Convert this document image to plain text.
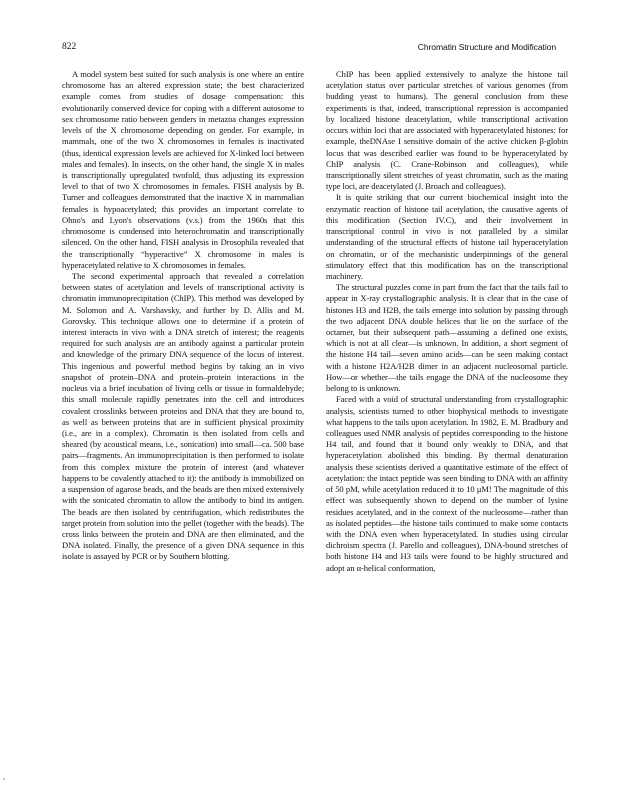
822	Chromatin Structure and Modification

A model system best suited for such analysis is one where an entire chromosome has an altered expression state; the best characterized example comes from studies of dosage compensation: this evolutionarily conserved device for coping with a different autosome to sex chromosome ratio between genders in metazoa changes expression levels of the X chromosome depending on gender. For example, in mammals, one of the two X chromosomes in females is inactivated (thus, identical expression levels are achieved for X-linked loci between males and females). In insects, on the other hand, the single X in males is transcriptionally upregulated twofold, thus adjusting its expression level to that of two X chromosomes in females. FISH analysis by B. Turner and colleagues demonstrated that the inactive X in mammalian females is hypoacetylated; this provides an important correlate to Ohno's and Lyon's observations (v.s.) from the 1960s that this chromosome is condensed into heterochromatin and transcriptionally silenced. On the other hand, FISH analysis in Drosophila revealed that the transcriptionally “hyperactive” X chromosome in males is hyperacetylated relative to X chromosomes in females.

The second experimental approach that revealed a correlation between states of acetylation and levels of transcriptional activity is chromatin immunoprecipitation (ChIP). This method was developed by M. Solomon and A. Varshavsky, and further by D. Allis and M. Gorovsky. This technique allows one to determine if a protein of interest interacts in vivo with a DNA stretch of interest; the reagents required for such analysis are an antibody against a particular protein and knowledge of the primary DNA sequence of the locus of interest. This ingenious and powerful method begins by taking an in vivo snapshot of protein–DNA and protein–protein interactions in the nucleus via a brief incubation of living cells or tissue in formaldehyde; this small molecule rapidly penetrates into the cell and introduces covalent crosslinks between proteins and DNA that they are bound to, as well as between proteins that are in sufficient physical proximity (i.e., are in a complex). Chromatin is then isolated from cells and sheared (by acoustical means, i.e., sonication) into small—ca. 500 base pairs—fragments. An immunoprecipitation is then performed to isolate from this complex mixture the protein of interest (and whatever happens to be covalently attached to it): the antibody is immobilized on a suspension of agarose beads, and the beads are then mixed extensively with the sonicated chromatin to allow the antibody to bind its antigen. The beads are then isolated by centrifugation, which redistributes the target protein from solution into the pellet (together with the beads). The cross links between the protein and DNA are then eliminated, and the DNA isolated. Finally, the presence of a given DNA sequence in this isolate is assayed by PCR or by Southern blotting.

ChIP has been applied extensively to analyze the histone tail acetylation status over particular stretches of various genomes (from budding yeast to humans). The general conclusion from these experiments is that, indeed, transcriptional repression is accompanied by localized histone deacetylation, while transcriptional activation occurs within loci that are associated with hyperacetylated histones: for example, theDNAse I sensitive domain of the active chicken β-globin locus that was described earlier was found to be hyperacetylated by ChIP analysis (C. Crane-Robinson and colleagues), while transcriptionally silent stretches of yeast chromatin, such as the mating type loci, are deacetylated (J. Broach and colleagues).

It is quite striking that our current biochemical insight into the enzymatic reaction of histone tail acetylation, the causative agents of this modification (Section IV.C), and their involvement in transcriptional control in vivo is not paralleled by a similar understanding of the structural effects of histone tail hyperacetylation on chromatin, or of the mechanistic underpinnings of the general stimulatory effect that this modification has on the transcriptional machinery.

The structural puzzles come in part from the fact that the tails fail to appear in X-ray crystallographic analysis. It is clear that in the case of histones H3 and H2B, the tails emerge into solution by passing through the two adjacent DNA double helices that lie on the surface of the octamer, but their subsequent path—assuming a defined one exists, which is not at all clear—is unknown. In addition, a short segment of the histone H4 tail—seven amino acids—can be seen making contact with a histone H2A/H2B dimer in an adjacent nucleosomal particle. How—or whether—the tails engage the DNA of the nucleosome they belong to is unknown.

Faced with a void of structural understanding from crystallographic analysis, scientists turned to other biophysical methods to investigate what happens to the tails upon acetylation. In 1982, E. M. Bradbury and colleagues used NMR analysis of peptides corresponding to the histone H4 tail, and found that it bound only weakly to DNA, and that hyperacetylation abolished this binding. By thermal denaturation analysis these scientists derived a quantitative estimate of the effect of acetylation: the intact peptide was seen binding to DNA with an affinity of 50 pM, while acetylation reduced it to 10 μM! The magnitude of this effect was subsequently shown to depend on the number of lysine residues acetylated, and in the context of the nucleosome—rather than as isolated peptides—the histone tails continued to make some contacts with the DNA even when hyperacetylated. In studies using circular dichroism spectra (J. Parello and colleagues), DNA-bound stretches of both histone H4 and H3 tails were found to be highly structured and adopt an α-helical conformation,
